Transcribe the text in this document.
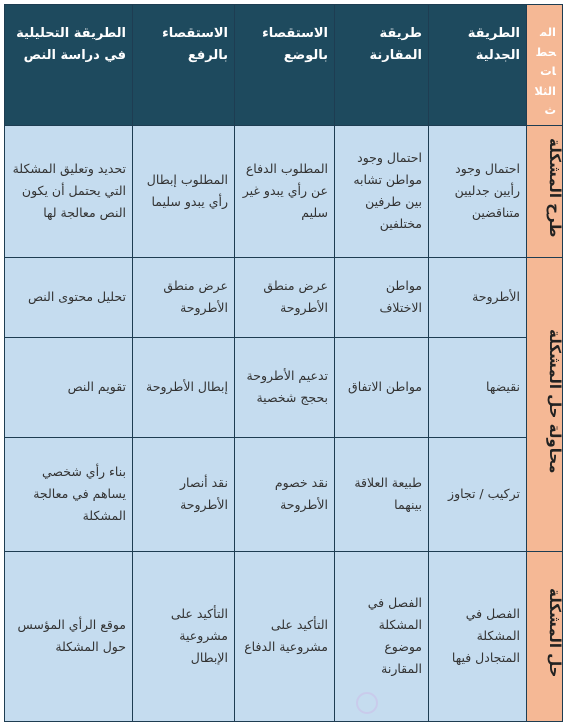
المحطات الثلاث	الطريقة الجدلية	طريقة المقارنة	الاستقصاء بالوضع	الاستقصاء بالرفع	الطريقة التحليلية في دراسة النص
طرح المشكلة	احتمال وجود رأيين جدليين متناقضين	احتمال وجود مواطن تشابه بين طرفين مختلفين	المطلوب الدفاع عن رأي يبدو غير سليم	المطلوب إبطال رأي يبدو سليما	تحديد وتعليق المشكلة التي يحتمل أن يكون النص معالجة لها
محاولة حل المشكلة	الأطروحة	مواطن الاختلاف	عرض منطق الأطروحة	عرض منطق الأطروحة	تحليل محتوى النص
	نقيضها	مواطن الاتفاق	تدعيم الأطروحة بحجج شخصية	إبطال الأطروحة	تقويم النص
	تركيب / تجاوز	طبيعة العلاقة بينهما	نقد خصوم الأطروحة	نقد أنصار الأطروحة	بناء رأي شخصي يساهم في معالجة المشكلة
حل المشكلة	الفصل في المشكلة المتجادل فيها	الفصل في المشكلة موضوع المقارنة	التأكيد على مشروعية الدفاع	التأكيد على مشروعية الإبطال	موقع الرأي المؤسس حول المشكلة
